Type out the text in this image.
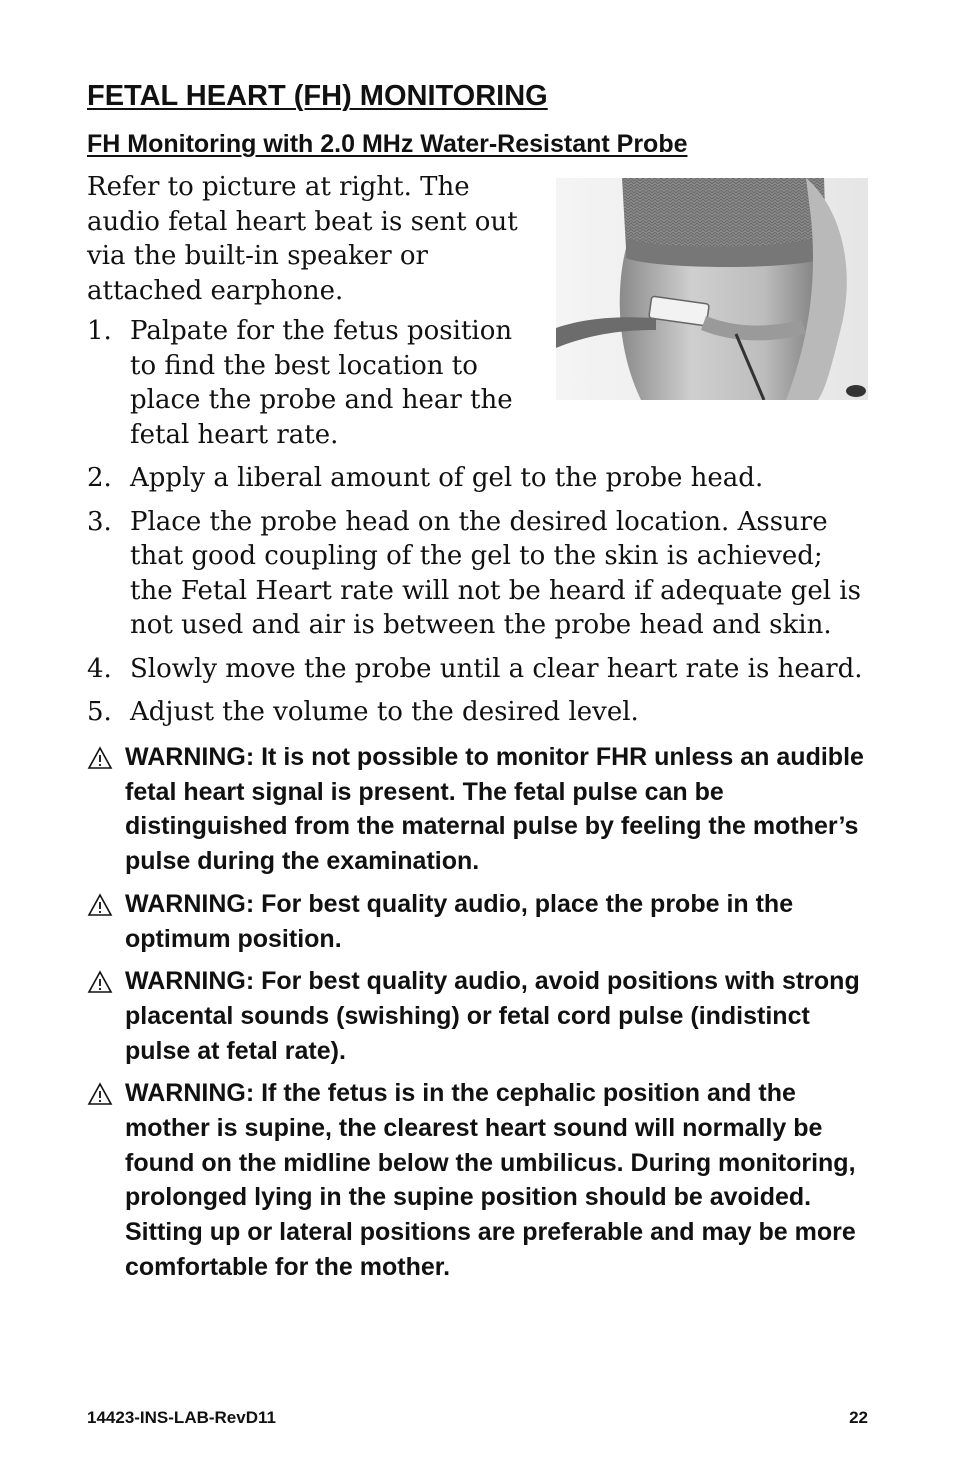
FETAL HEART (FH) MONITORING
FH Monitoring with 2.0 MHz Water-Resistant Probe

Refer to picture at right. The audio fetal heart beat is sent out via the built-in speaker or attached earphone.

1. Palpate for the fetus position to find the best location to place the probe and hear the fetal heart rate.
2. Apply a liberal amount of gel to the probe head.
3. Place the probe head on the desired location. Assure that good coupling of the gel to the skin is achieved; the Fetal Heart rate will not be heard if adequate gel is not used and air is between the probe head and skin.
4. Slowly move the probe until a clear heart rate is heard.
5. Adjust the volume to the desired level.
WARNING: It is not possible to monitor FHR unless an audible fetal heart signal is present. The fetal pulse can be distinguished from the maternal pulse by feeling the mother’s pulse during the examination.
WARNING: For best quality audio, place the probe in the optimum position.
WARNING: For best quality audio, avoid positions with strong placental sounds (swishing) or fetal cord pulse (indistinct pulse at fetal rate).
WARNING: If the fetus is in the cephalic position and the mother is supine, the clearest heart sound will normally be found on the midline below the umbilicus. During monitoring, prolonged lying in the supine position should be avoided. Sitting up or lateral positions are preferable and may be more comfortable for the mother.
14423-INS-LAB-RevD11	22
